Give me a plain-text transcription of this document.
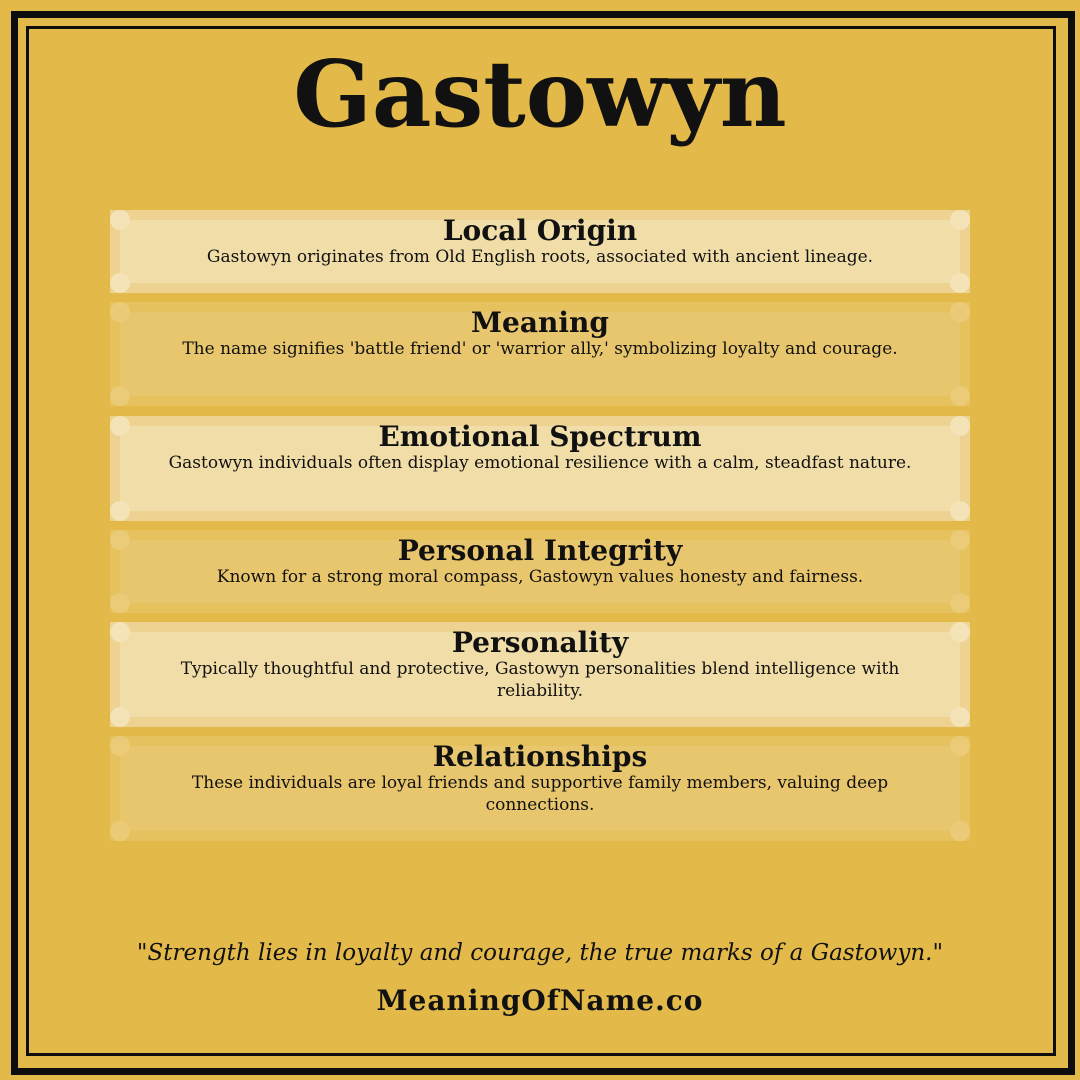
Gastowyn
Local Origin

Gastowyn originates from Old English roots, associated with ancient lineage.

Meaning

The name signifies 'battle friend' or 'warrior ally,' symbolizing loyalty and courage.

Emotional Spectrum

Gastowyn individuals often display emotional resilience with a calm, steadfast nature.

Personal Integrity

Known for a strong moral compass, Gastowyn values honesty and fairness.

Personality

Typically thoughtful and protective, Gastowyn personalities blend intelligence with reliability.

Relationships

These individuals are loyal friends and supportive family members, valuing deep connections.

"Strength lies in loyalty and courage, the true marks of a Gastowyn."
MeaningOfName.co
